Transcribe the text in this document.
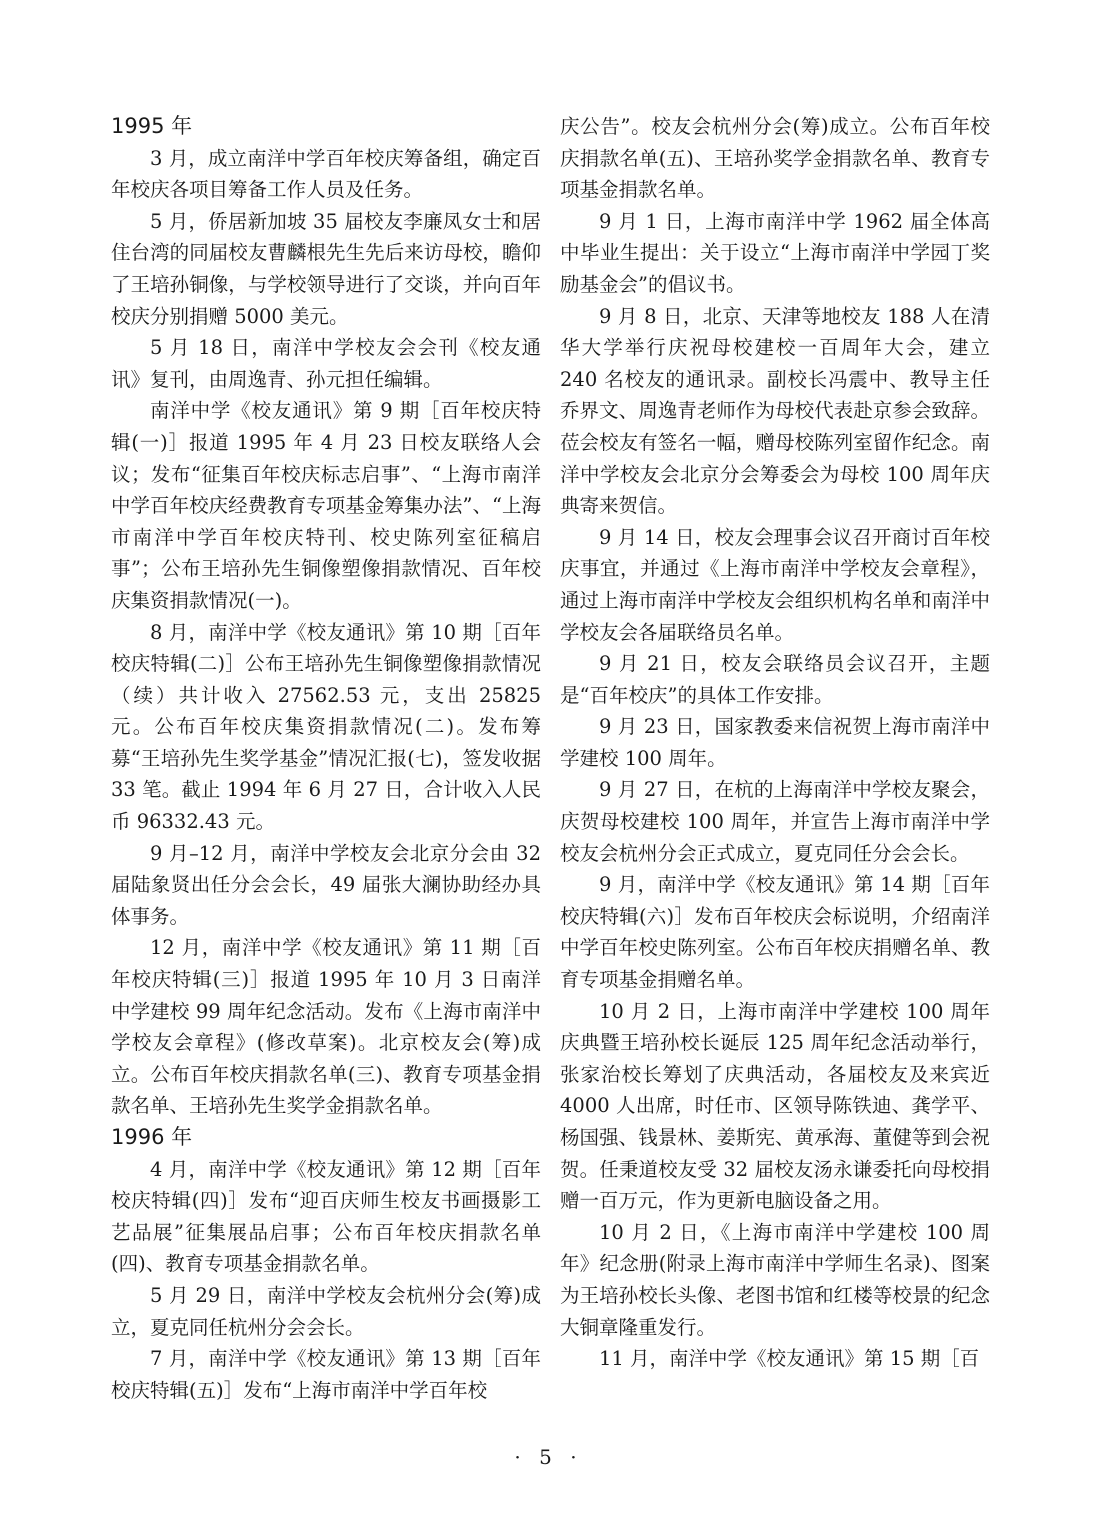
1995 年

3 月，成立南洋中学百年校庆筹备组，确定百年校庆各项目筹备工作人员及任务。

5 月，侨居新加坡 35 届校友李廉凤女士和居住台湾的同届校友曹麟根先生先后来访母校，瞻仰了王培孙铜像，与学校领导进行了交谈，并向百年校庆分别捐赠 5000 美元。

5 月 18 日，南洋中学校友会会刊《校友通讯》复刊，由周逸青、孙元担任编辑。

南洋中学《校友通讯》第 9 期［百年校庆特辑(一)］报道 1995 年 4 月 23 日校友联络人会议；发布“征集百年校庆标志启事”、“上海市南洋中学百年校庆经费教育专项基金筹集办法”、“上海市南洋中学百年校庆特刊、校史陈列室征稿启事”；公布王培孙先生铜像塑像捐款情况、百年校庆集资捐款情况(一)。

8 月，南洋中学《校友通讯》第 10 期［百年校庆特辑(二)］公布王培孙先生铜像塑像捐款情况（续）共计收入 27562.53 元，支出 25825 元。公布百年校庆集资捐款情况(二)。发布筹募“王培孙先生奖学基金”情况汇报(七)，签发收据 33 笔。截止 1994 年 6 月 27 日，合计收入人民币 96332.43 元。

9 月–12 月，南洋中学校友会北京分会由 32 届陆象贤出任分会会长，49 届张大澜协助经办具体事务。

12 月，南洋中学《校友通讯》第 11 期［百年校庆特辑(三)］报道 1995 年 10 月 3 日南洋中学建校 99 周年纪念活动。发布《上海市南洋中学校友会章程》(修改草案)。北京校友会(筹)成立。公布百年校庆捐款名单(三)、教育专项基金捐款名单、王培孙先生奖学金捐款名单。

1996 年

4 月，南洋中学《校友通讯》第 12 期［百年校庆特辑(四)］发布“迎百庆师生校友书画摄影工艺品展”征集展品启事；公布百年校庆捐款名单(四)、教育专项基金捐款名单。

5 月 29 日，南洋中学校友会杭州分会(筹)成立，夏克同任杭州分会会长。

7 月，南洋中学《校友通讯》第 13 期［百年校庆特辑(五)］发布“上海市南洋中学百年校

庆公告”。校友会杭州分会(筹)成立。公布百年校庆捐款名单(五)、王培孙奖学金捐款名单、教育专项基金捐款名单。

9 月 1 日，上海市南洋中学 1962 届全体高中毕业生提出：关于设立“上海市南洋中学园丁奖励基金会”的倡议书。

9 月 8 日，北京、天津等地校友 188 人在清华大学举行庆祝母校建校一百周年大会，建立 240 名校友的通讯录。副校长冯震中、教导主任乔界文、周逸青老师作为母校代表赴京参会致辞。莅会校友有签名一幅，赠母校陈列室留作纪念。南洋中学校友会北京分会筹委会为母校 100 周年庆典寄来贺信。

9 月 14 日，校友会理事会议召开商讨百年校庆事宜，并通过《上海市南洋中学校友会章程》，通过上海市南洋中学校友会组织机构名单和南洋中学校友会各届联络员名单。

9 月 21 日，校友会联络员会议召开，主题是“百年校庆”的具体工作安排。

9 月 23 日，国家教委来信祝贺上海市南洋中学建校 100 周年。

9 月 27 日，在杭的上海南洋中学校友聚会，庆贺母校建校 100 周年，并宣告上海市南洋中学校友会杭州分会正式成立，夏克同任分会会长。

9 月，南洋中学《校友通讯》第 14 期［百年校庆特辑(六)］发布百年校庆会标说明，介绍南洋中学百年校史陈列室。公布百年校庆捐赠名单、教育专项基金捐赠名单。

10 月 2 日，上海市南洋中学建校 100 周年庆典暨王培孙校长诞辰 125 周年纪念活动举行，张家治校长筹划了庆典活动，各届校友及来宾近 4000 人出席，时任市、区领导陈铁迪、龚学平、杨国强、钱景林、姜斯宪、黄承海、董健等到会祝贺。任秉道校友受 32 届校友汤永谦委托向母校捐赠一百万元，作为更新电脑设备之用。

10 月 2 日，《上海市南洋中学建校 100 周年》纪念册(附录上海市南洋中学师生名录)、图案为王培孙校长头像、老图书馆和红楼等校景的纪念大铜章隆重发行。

11 月，南洋中学《校友通讯》第 15 期［百

· 5 ·
